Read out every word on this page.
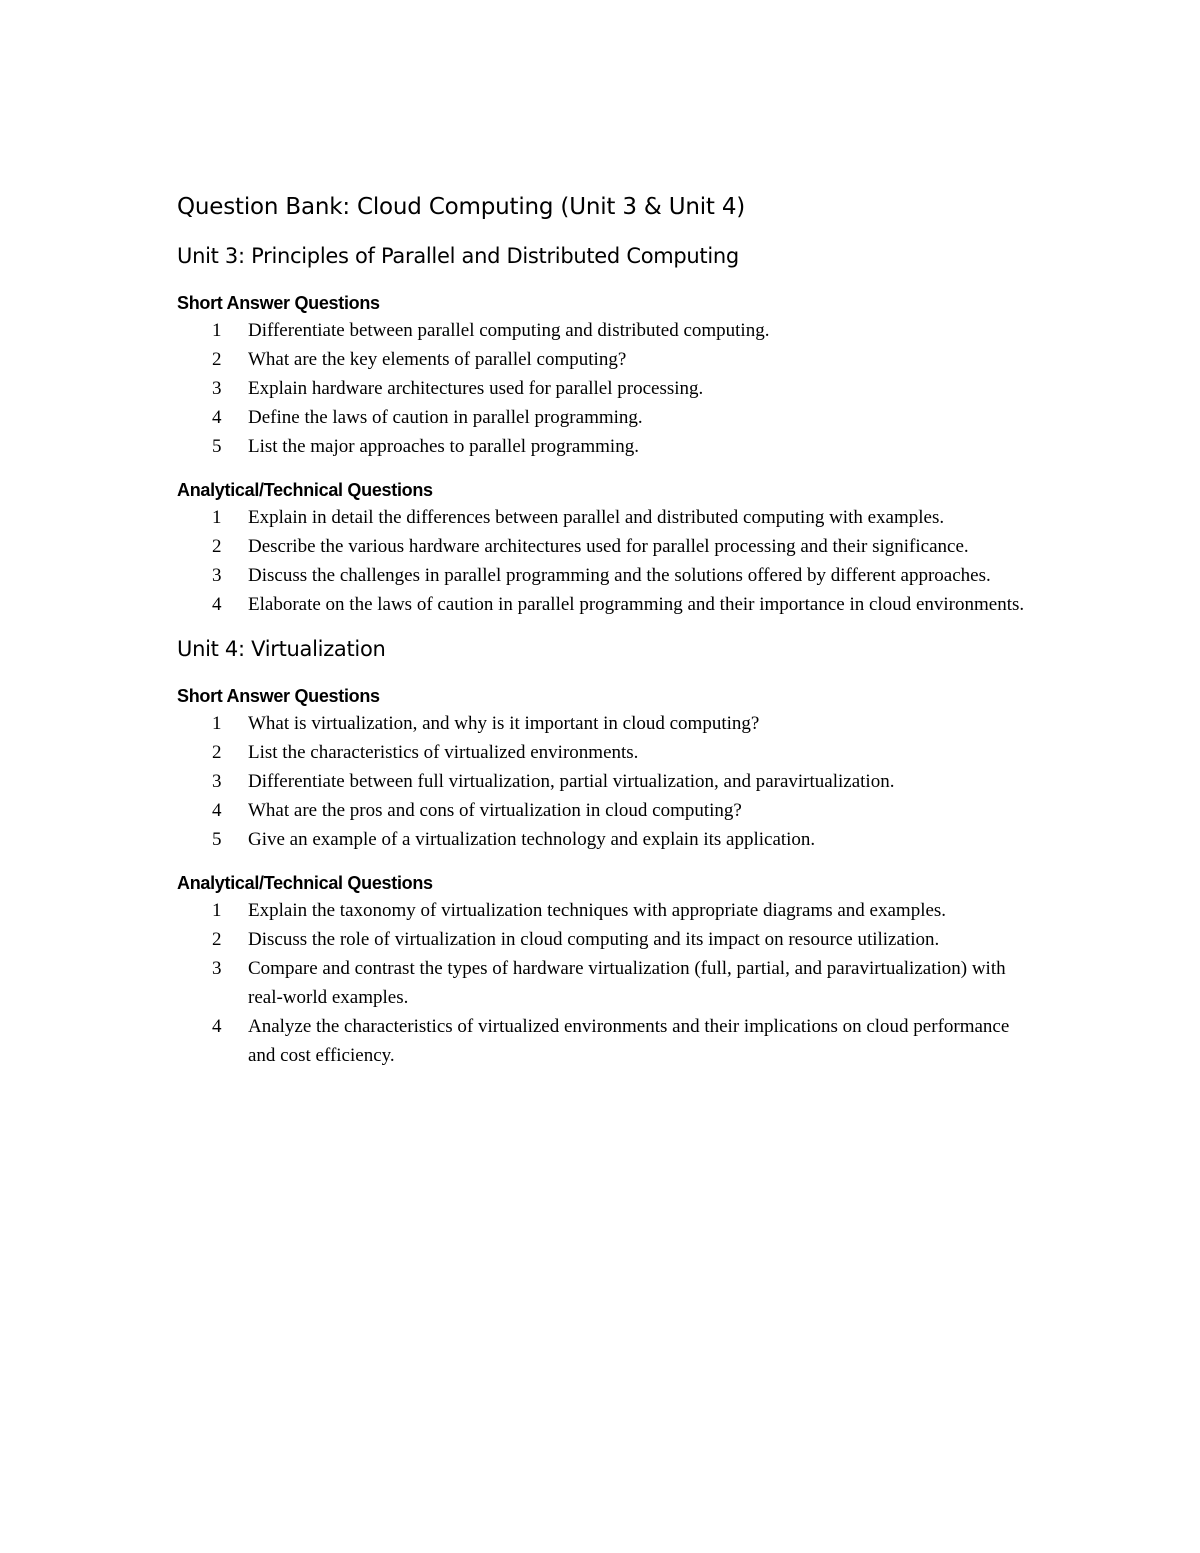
Question Bank: Cloud Computing (Unit 3 & Unit 4)
Unit 3: Principles of Parallel and Distributed Computing
Short Answer Questions
1	Differentiate between parallel computing and distributed computing.
2	What are the key elements of parallel computing?
3	Explain hardware architectures used for parallel processing.
4	Define the laws of caution in parallel programming.
5	List the major approaches to parallel programming.
Analytical/Technical Questions
1	Explain in detail the differences between parallel and distributed computing with examples.
2	Describe the various hardware architectures used for parallel processing and their significance.
3	Discuss the challenges in parallel programming and the solutions offered by different approaches.
4	Elaborate on the laws of caution in parallel programming and their importance in cloud environments.
Unit 4: Virtualization
Short Answer Questions
1	What is virtualization, and why is it important in cloud computing?
2	List the characteristics of virtualized environments.
3	Differentiate between full virtualization, partial virtualization, and paravirtualization.
4	What are the pros and cons of virtualization in cloud computing?
5	Give an example of a virtualization technology and explain its application.
Analytical/Technical Questions
1	Explain the taxonomy of virtualization techniques with appropriate diagrams and examples.
2	Discuss the role of virtualization in cloud computing and its impact on resource utilization.
3	Compare and contrast the types of hardware virtualization (full, partial, and paravirtualization) with real-world examples.
4	Analyze the characteristics of virtualized environments and their implications on cloud performance and cost efficiency.
